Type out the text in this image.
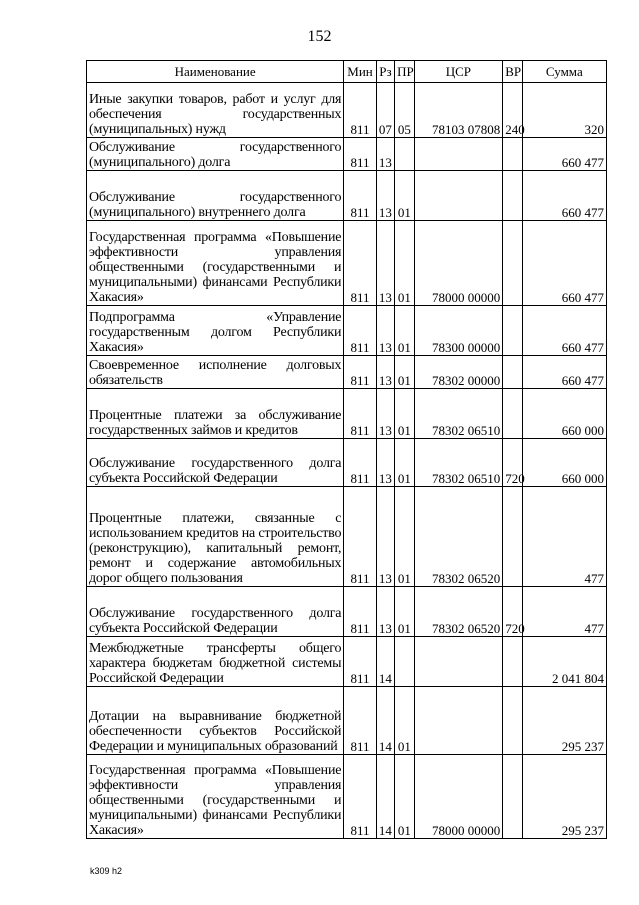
152
Наименование	Мин	Рз	ПР	ЦСР	ВР	Сумма
Иные закупки товаров, работ и услуг для обеспечения государственных (муниципальных) нужд	811	07	05	78103 07808	240	320
Обслуживание государственного (муниципального) долга	811	13				660 477
Обслуживание государственного (муниципального) внутреннего долга	811	13	01			660 477
Государственная программа «Повышение эффективности управления общественными (государственными и муниципальными) финансами Республики Хакасия»	811	13	01	78000 00000		660 477
Подпрограмма «Управление государственным долгом Республики Хакасия»	811	13	01	78300 00000		660 477
Своевременное исполнение долговых обязательств	811	13	01	78302 00000		660 477
Процентные платежи за обслуживание государственных займов и кредитов	811	13	01	78302 06510		660 000
Обслуживание государственного долга субъекта Российской Федерации	811	13	01	78302 06510	720	660 000
Процентные платежи, связанные с использованием кредитов на строительство (реконструкцию), капитальный ремонт, ремонт и содержание автомобильных дорог общего пользования	811	13	01	78302 06520		477
Обслуживание государственного долга субъекта Российской Федерации	811	13	01	78302 06520	720	477
Межбюджетные трансферты общего характера бюджетам бюджетной системы Российской Федерации	811	14				2 041 804
Дотации на выравнивание бюджетной обеспеченности субъектов Российской Федерации и муниципальных образований	811	14	01			295 237
Государственная программа «Повышение эффективности управления общественными (государственными и муниципальными) финансами Республики Хакасия»	811	14	01	78000 00000		295 237
k309 h2
